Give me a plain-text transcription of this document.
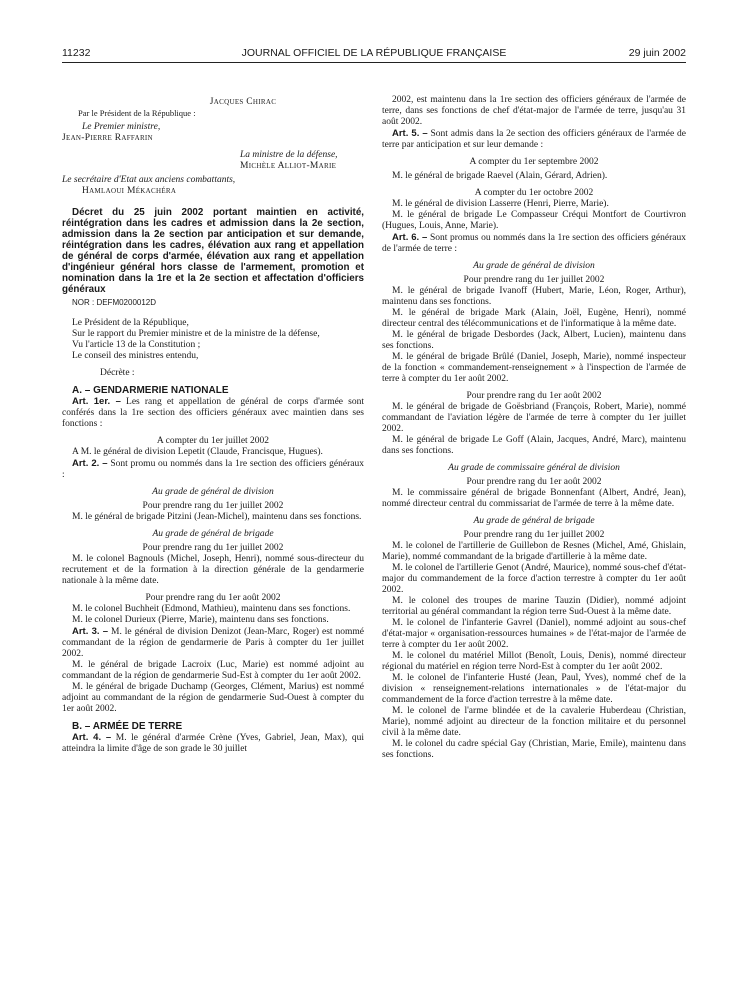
11232	JOURNAL OFFICIEL DE LA RÉPUBLIQUE FRANÇAISE	29 juin 2002

Jacques Chirac

Par le Président de la République :

Le Premier ministre,

Jean-Pierre Raffarin

La ministre de la défense,

Michèle Alliot-Marie

Le secrétaire d'Etat aux anciens combattants,

Hamlaoui Mékachéra

Décret du 25 juin 2002 portant maintien en activité, réintégration dans les cadres et admission dans la 2e section, admission dans la 2e section par anticipation et sur demande, réintégration dans les cadres, élévation aux rang et appellation de général de corps d'armée, élévation aux rang et appellation d'ingénieur général hors classe de l'armement, promotion et nomination dans la 1re et la 2e section et affectation d'officiers généraux

NOR : DEFM0200012D

Le Président de la République,

Sur le rapport du Premier ministre et de la ministre de la défense,

Vu l'article 13 de la Constitution ;

Le conseil des ministres entendu,

Décrète :

A. – GENDARMERIE NATIONALE

Art. 1er. – Les rang et appellation de général de corps d'armée sont conférés dans la 1re section des officiers généraux avec maintien dans ses fonctions :

A compter du 1er juillet 2002

A M. le général de division Lepetit (Claude, Francisque, Hugues).

Art. 2. – Sont promu ou nommés dans la 1re section des officiers généraux :

Au grade de général de division

Pour prendre rang du 1er juillet 2002

M. le général de brigade Pitzini (Jean-Michel), maintenu dans ses fonctions.

Au grade de général de brigade

Pour prendre rang du 1er juillet 2002

M. le colonel Bagnouls (Michel, Joseph, Henri), nommé sous-directeur du recrutement et de la formation à la direction générale de la gendarmerie nationale à la même date.

Pour prendre rang du 1er août 2002

M. le colonel Buchheit (Edmond, Mathieu), maintenu dans ses fonctions.

M. le colonel Durieux (Pierre, Marie), maintenu dans ses fonctions.

Art. 3. – M. le général de division Denizot (Jean-Marc, Roger) est nommé commandant de la région de gendarmerie de Paris à compter du 1er juillet 2002.

M. le général de brigade Lacroix (Luc, Marie) est nommé adjoint au commandant de la région de gendarmerie Sud-Est à compter du 1er août 2002.

M. le général de brigade Duchamp (Georges, Clément, Marius) est nommé adjoint au commandant de la région de gendarmerie Sud-Ouest à compter du 1er août 2002.

B. – ARMÉE DE TERRE

Art. 4. – M. le général d'armée Crène (Yves, Gabriel, Jean, Max), qui atteindra la limite d'âge de son grade le 30 juillet

2002, est maintenu dans la 1re section des officiers généraux de l'armée de terre, dans ses fonctions de chef d'état-major de l'armée de terre, jusqu'au 31 août 2002.

Art. 5. – Sont admis dans la 2e section des officiers généraux de l'armée de terre par anticipation et sur leur demande :

A compter du 1er septembre 2002

M. le général de brigade Raevel (Alain, Gérard, Adrien).

A compter du 1er octobre 2002

M. le général de division Lasserre (Henri, Pierre, Marie).

M. le général de brigade Le Compasseur Créqui Montfort de Courtivron (Hugues, Louis, Anne, Marie).

Art. 6. – Sont promus ou nommés dans la 1re section des officiers généraux de l'armée de terre :

Au grade de général de division

Pour prendre rang du 1er juillet 2002

M. le général de brigade Ivanoff (Hubert, Marie, Léon, Roger, Arthur), maintenu dans ses fonctions.

M. le général de brigade Mark (Alain, Joël, Eugène, Henri), nommé directeur central des télécommunications et de l'informatique à la même date.

M. le général de brigade Desbordes (Jack, Albert, Lucien), maintenu dans ses fonctions.

M. le général de brigade Brûlé (Daniel, Joseph, Marie), nommé inspecteur de la fonction « commandement-renseignement » à l'inspection de l'armée de terre à compter du 1er août 2002.

Pour prendre rang du 1er août 2002

M. le général de brigade de Goësbriand (François, Robert, Marie), nommé commandant de l'aviation légère de l'armée de terre à compter du 1er juillet 2002.

M. le général de brigade Le Goff (Alain, Jacques, André, Marc), maintenu dans ses fonctions.

Au grade de commissaire général de division

Pour prendre rang du 1er août 2002

M. le commissaire général de brigade Bonnenfant (Albert, André, Jean), nommé directeur central du commissariat de l'armée de terre à la même date.

Au grade de général de brigade

Pour prendre rang du 1er juillet 2002

M. le colonel de l'artillerie de Guillebon de Resnes (Michel, Amé, Ghislain, Marie), nommé commandant de la brigade d'artillerie à la même date.

M. le colonel de l'artillerie Genot (André, Maurice), nommé sous-chef d'état-major du commandement de la force d'action terrestre à compter du 1er août 2002.

M. le colonel des troupes de marine Tauzin (Didier), nommé adjoint territorial au général commandant la région terre Sud-Ouest à la même date.

M. le colonel de l'infanterie Gavrel (Daniel), nommé adjoint au sous-chef d'état-major « organisation-ressources humaines » de l'état-major de l'armée de terre à compter du 1er août 2002.

M. le colonel du matériel Millot (Benoît, Louis, Denis), nommé directeur régional du matériel en région terre Nord-Est à compter du 1er août 2002.

M. le colonel de l'infanterie Husté (Jean, Paul, Yves), nommé chef de la division « renseignement-relations internationales » de l'état-major du commandement de la force d'action terrestre à la même date.

M. le colonel de l'arme blindée et de la cavalerie Huberdeau (Christian, Marie), nommé adjoint au directeur de la fonction militaire et du personnel civil à la même date.

M. le colonel du cadre spécial Gay (Christian, Marie, Emile), maintenu dans ses fonctions.
